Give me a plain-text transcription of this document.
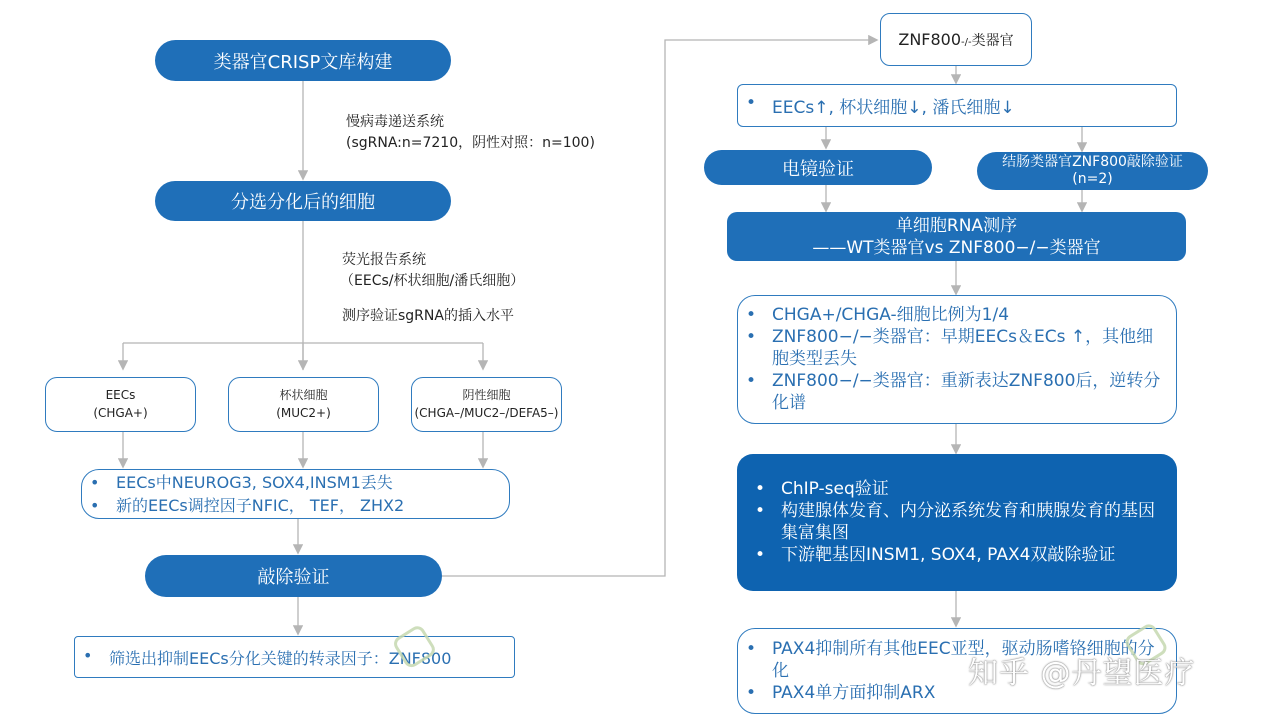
类器官CRISP文库构建
慢病毒递送系统
(sgRNA:n=7210，阴性对照：n=100)
分选分化后的细胞
荧光报告系统
（EECs/杯状细胞/潘氏细胞）
测序验证sgRNA的插入水平
EECs
(CHGA+)
杯状细胞
(MUC2+)
阴性细胞
(CHGA–/MUC2–/DEFA5–)
• EECs中NEUROG3, SOX4,INSM1丢失
• 新的EECs调控因子NFIC， TEF， ZHX2
敲除验证
• 筛选出抑制EECs分化关键的转录因子：ZNF800
ZNF800 -/- 类器官
• EECs↑, 杯状细胞↓, 潘氏细胞↓
电镜验证	结肠类器官ZNF800敲除验证
(n=2)
单细胞RNA测序
——WT类器官vs ZNF800−/−类器官
• CHGA+/CHGA-细胞比例为1/4
• ZNF800−/−类器官：早期EECs＆ECs ↑，其他细胞类型丢失
• ZNF800−/−类器官：重新表达ZNF800后，逆转分化谱
• ChIP-seq验证
• 构建腺体发育、内分泌系统发育和胰腺发育的基因集富集图
• 下游靶基因INSM1, SOX4, PAX4双敲除验证
• PAX4抑制所有其他EEC亚型，驱动肠嗜铬细胞的分化
• PAX4单方面抑制ARX
知乎 @丹望医疗
